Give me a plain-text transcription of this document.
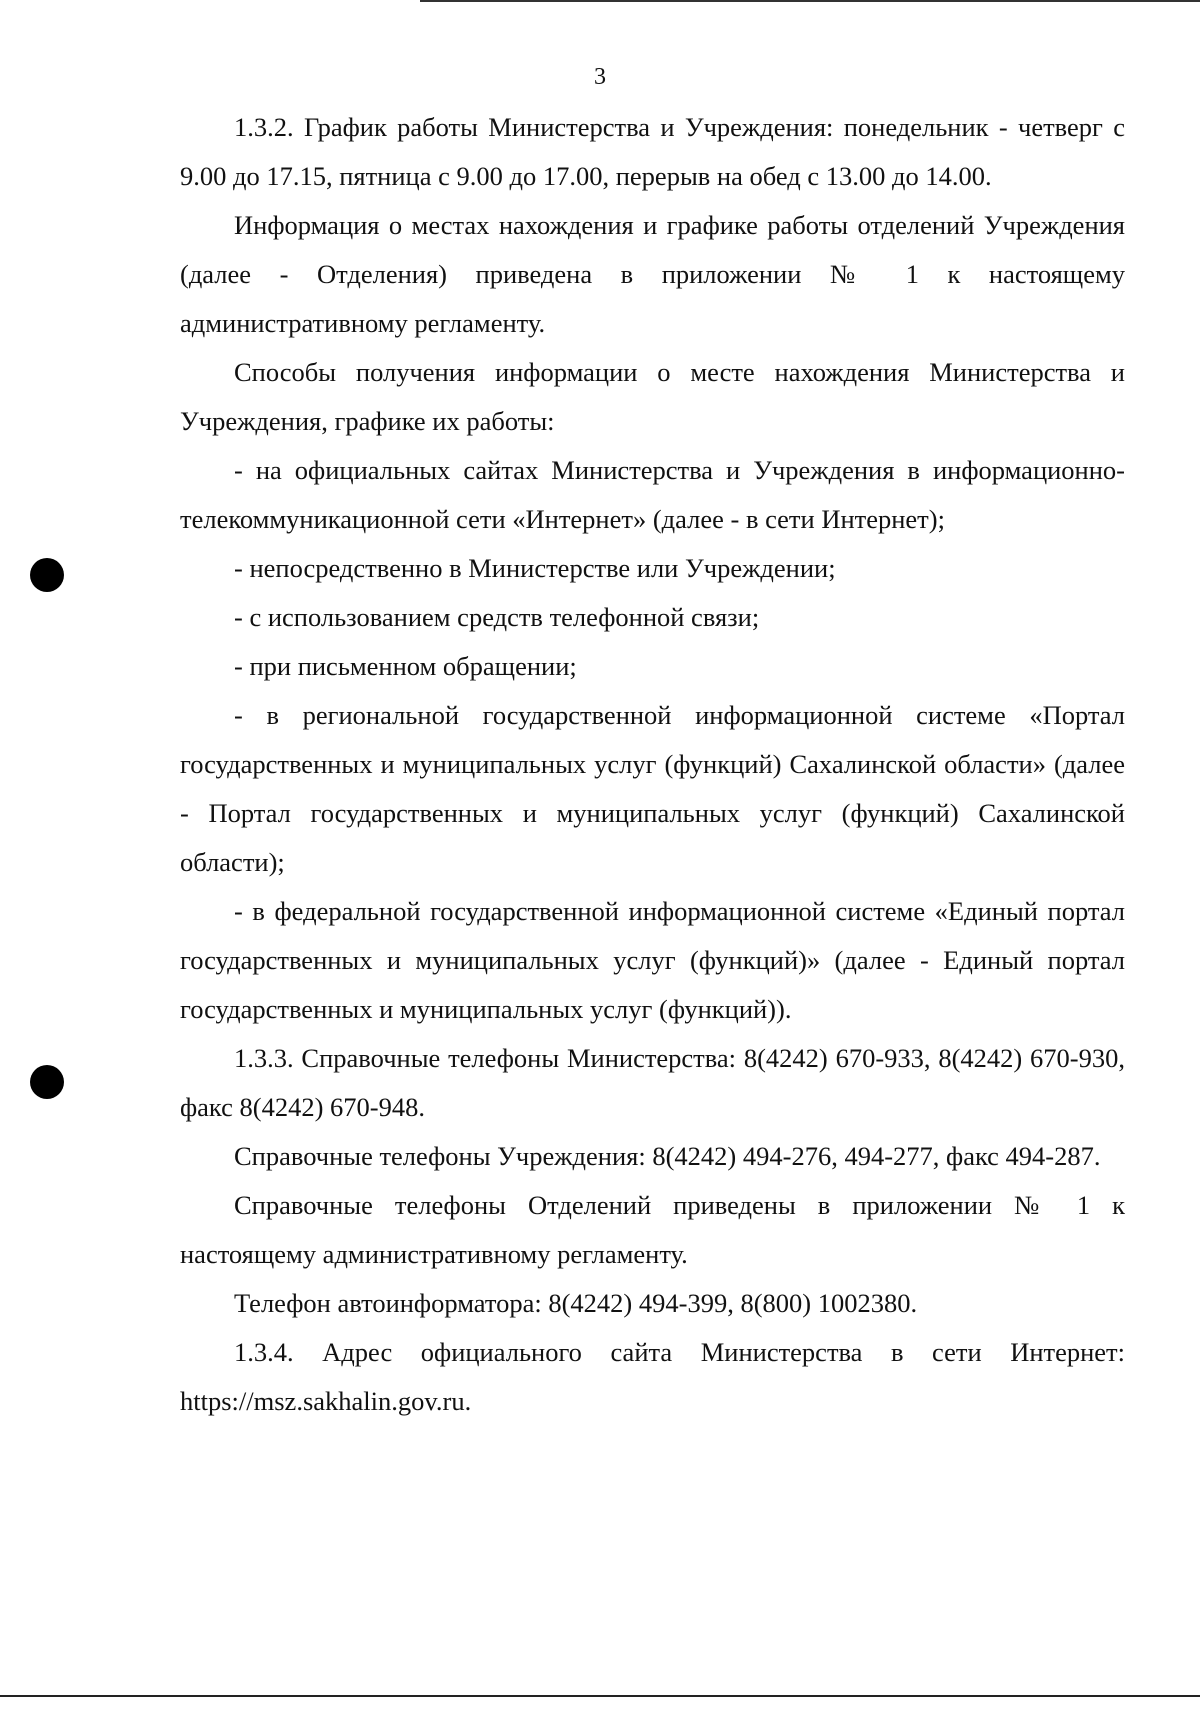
3

1.3.2. График работы Министерства и Учреждения: понедельник - четверг с 9.00 до 17.15, пятница с 9.00 до 17.00, перерыв на обед с 13.00 до 14.00.

Информация о местах нахождения и графике работы отделений Учреждения (далее - Отделения) приведена в приложении № 1 к настоящему административному регламенту.

Способы получения информации о месте нахождения Министерства и Учреждения, графике их работы:

- на официальных сайтах Министерства и Учреждения в информационно-телекоммуникационной сети «Интернет» (далее - в сети Интернет);

- непосредственно в Министерстве или Учреждении;

- с использованием средств телефонной связи;

- при письменном обращении;

- в региональной государственной информационной системе «Портал государственных и муниципальных услуг (функций) Сахалинской области» (далее - Портал государственных и муниципальных услуг (функций) Сахалинской области);

- в федеральной государственной информационной системе «Единый портал государственных и муниципальных услуг (функций)» (далее - Единый портал государственных и муниципальных услуг (функций)).

1.3.3. Справочные телефоны Министерства: 8(4242) 670-933, 8(4242) 670-930, факс 8(4242) 670-948.

Справочные телефоны Учреждения: 8(4242) 494-276, 494-277, факс 494-287.

Справочные телефоны Отделений приведены в приложении № 1 к настоящему административному регламенту.

Телефон автоинформатора: 8(4242) 494-399, 8(800) 1002380.

1.3.4. Адрес официального сайта Министерства в сети Интернет: https://msz.sakhalin.gov.ru.
